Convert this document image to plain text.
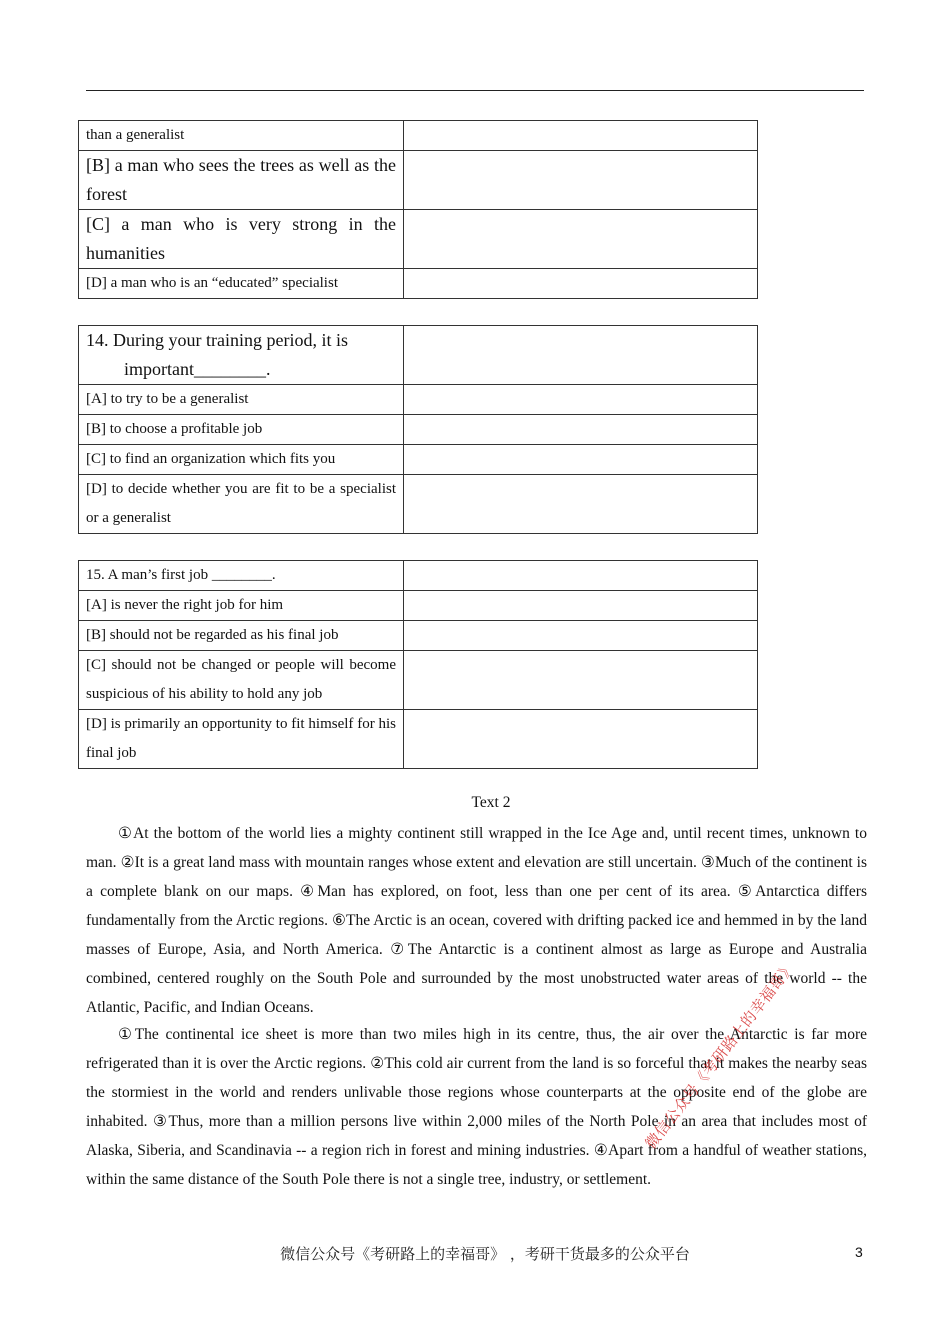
than a generalist	
[B] a man who sees the trees as well as the forest	
[C] a man who is very strong in the humanities	
[D] a man who is an “educated” specialist	
14. During your training period, it is
important________.	

[A] to try to be a generalist	
[B] to choose a profitable job	
[C] to find an organization which fits you	
[D] to decide whether you are fit to be a specialist or a generalist	
15. A man’s first job ________.	
[A] is never the right job for him	
[B] should not be regarded as his final job	
[C] should not be changed or people will become suspicious of his ability to hold any job	
[D] is primarily an opportunity to fit himself for his final job	
Text 2

①At the bottom of the world lies a mighty continent still wrapped in the Ice Age and, until recent times, unknown to man. ②It is a great land mass with mountain ranges whose extent and elevation are still uncertain. ③Much of the continent is a complete blank on our maps. ④Man has explored, on foot, less than one per cent of its area. ⑤Antarctica differs fundamentally from the Arctic regions. ⑥The Arctic is an ocean, covered with drifting packed ice and hemmed in by the land masses of Europe, Asia, and North America. ⑦The Antarctic is a continent almost as large as Europe and Australia combined, centered roughly on the South Pole and surrounded by the most unobstructed water areas of the world -- the Atlantic, Pacific, and Indian Oceans.

①The continental ice sheet is more than two miles high in its centre, thus, the air over the Antarctic is far more refrigerated than it is over the Arctic regions. ②This cold air current from the land is so forceful that it makes the nearby seas the stormiest in the world and renders unlivable those regions whose counterparts at the opposite end of the globe are inhabited. ③Thus, more than a million persons live within 2,000 miles of the North Pole in an area that includes most of Alaska, Siberia, and Scandinavia -- a region rich in forest and mining industries. ④Apart from a handful of weather stations, within the same distance of the South Pole there is not a single tree, industry, or settlement.

微信公众号《考研路上的幸福哥》
微信公众号《考研路上的幸福哥》 ，考研干货最多的公众平台	3
